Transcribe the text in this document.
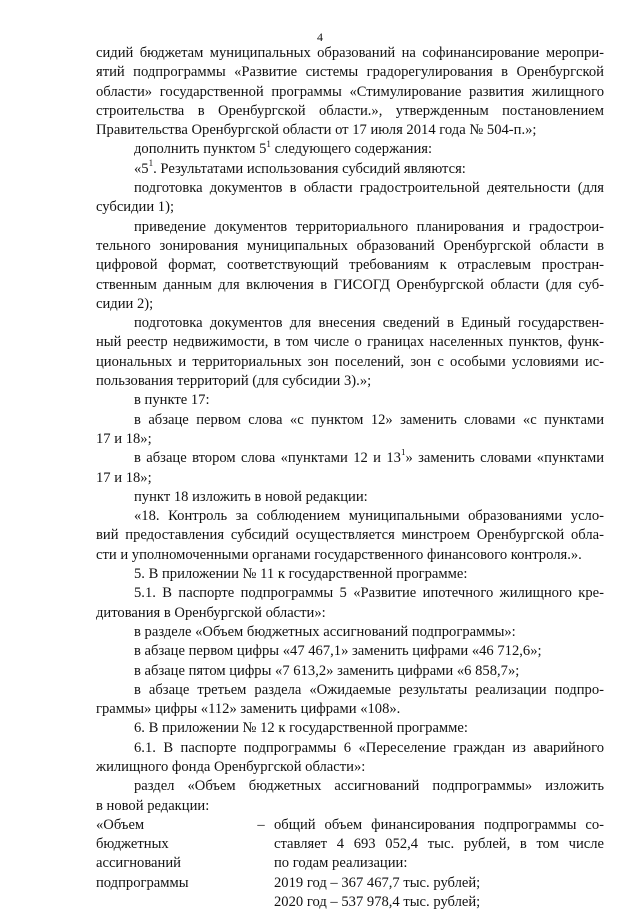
4
сидий бюджетам муниципальных образований на софинансирование меропри-
ятий подпрограммы «Развитие системы градорегулирования в Оренбургской
области» государственной программы «Стимулирование развития жилищного
строительства в Оренбургской области.», утвержденным постановлением
Правительства Оренбургской области от 17 июля 2014 года № 504-п.»;
дополнить пунктом $5^1$ следующего содержания:
«$5^1$. Результатами использования субсидий являются:
подготовка документов в области градостроительной деятельности (для
субсидии 1);
приведение документов территориального планирования и градострои-
тельного зонирования муниципальных образований Оренбургской области в
цифровой формат, соответствующий требованиям к отраслевым простран-
ственным данным для включения в ГИСОГД Оренбургской области (для суб-
сидии 2);
подготовка документов для внесения сведений в Единый государствен-
ный реестр недвижимости, в том числе о границах населенных пунктов, функ-
циональных и территориальных зон поселений, зон с особыми условиями ис-
пользования территорий (для субсидии 3).»;
в пункте 17:
в абзаце первом слова «с пунктом 12» заменить словами «с пунктами
17 и 18»;
в абзаце втором слова «пунктами 12 и $13^1$» заменить словами «пунктами
17 и 18»;
пункт 18 изложить в новой редакции:
«18. Контроль за соблюдением муниципальными образованиями усло-
вий предоставления субсидий осуществляется минстроем Оренбургской обла-
сти и уполномоченными органами государственного финансового контроля.».
5. В приложении № 11 к государственной программе:
5.1. В паспорте подпрограммы 5 «Развитие ипотечного жилищного кре-
дитования в Оренбургской области»:
в разделе «Объем бюджетных ассигнований подпрограммы»:
в абзаце первом цифры «47 467,1» заменить цифрами «46 712,6»;
в абзаце пятом цифры «7 613,2» заменить цифрами «6 858,7»;
в абзаце третьем раздела «Ожидаемые результаты реализации подпро-
граммы» цифры «112» заменить цифрами «108».
6. В приложении № 12 к государственной программе:
6.1. В паспорте подпрограммы 6 «Переселение граждан из аварийного
жилищного фонда Оренбургской области»:
раздел «Объем бюджетных ассигнований подпрограммы» изложить
в новой редакции:
«Объем
бюджетных
ассигнований
подпрограммы
– общий объем финансирования подпрограммы со-
ставляет 4 693 052,4 тыс. рублей, в том числе
по годам реализации:
2019 год – 367 467,7 тыс. рублей;
2020 год – 537 978,4 тыс. рублей;
